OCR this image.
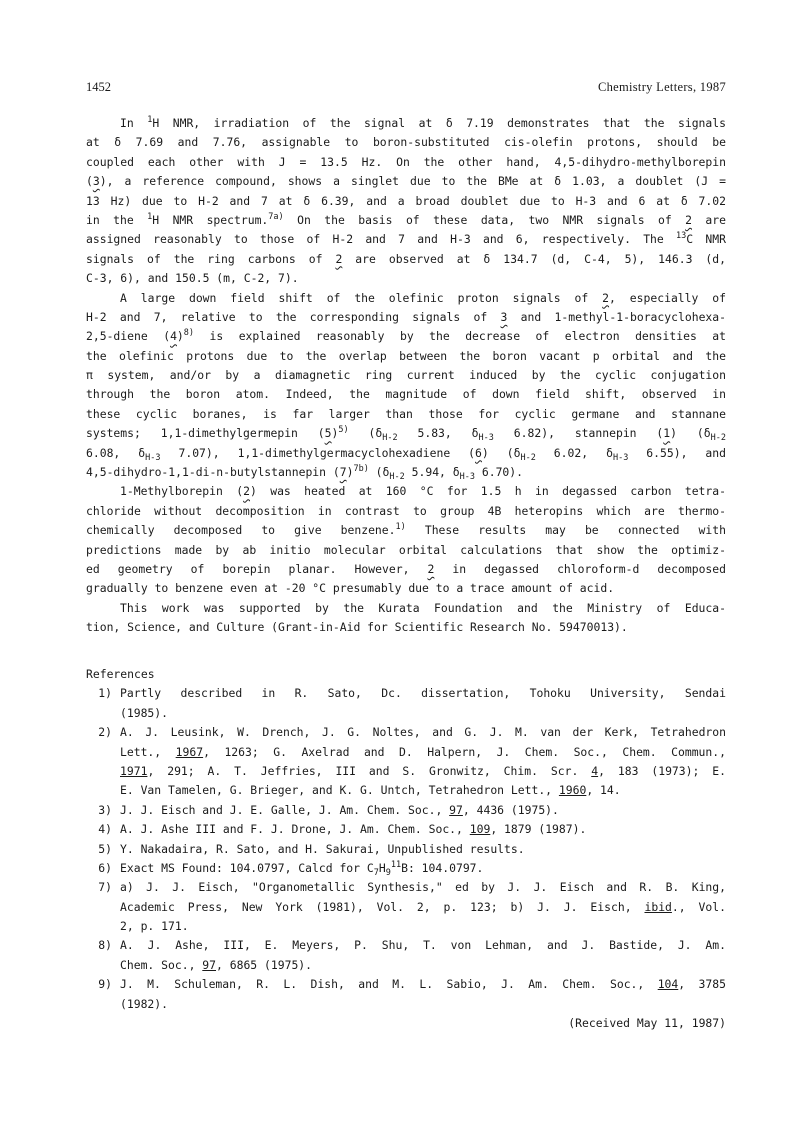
1452	Chemistry Letters, 1987
In $^1$H NMR, irradiation of the signal at δ 7.19 demonstrates that the signals
at δ 7.69 and 7.76, assignable to boron-substituted cis-olefin protons, should be
coupled each other with J = 13.5 Hz. On the other hand, 4,5-dihydro-methylborepin
(3), a reference compound, shows a singlet due to the BMe at δ 1.03, a doublet (J =
13 Hz) due to H-2 and 7 at δ 6.39, and a broad doublet due to H-3 and 6 at δ 7.02
in the $^1$H NMR spectrum.$^{7a)}$ On the basis of these data, two NMR signals of 2 are
assigned reasonably to those of H-2 and 7 and H-3 and 6, respectively. The $^{13}$C NMR
signals of the ring carbons of 2 are observed at δ 134.7 (d, C-4, 5), 146.3 (d,
C-3, 6), and 150.5 (m, C-2, 7).
A large down field shift of the olefinic proton signals of 2, especially of
H-2 and 7, relative to the corresponding signals of 3 and 1-methyl-1-boracyclohexa-
2,5-diene $(4)^{8)}$ is explained reasonably by the decrease of electron densities at
the olefinic protons due to the overlap between the boron vacant p orbital and the
π system, and/or by a diamagnetic ring current induced by the cyclic conjugation
through the boron atom. Indeed, the magnitude of down field shift, observed in
these cyclic boranes, is far larger than those for cyclic germane and stannane
systems; 1,1-dimethylgermepin $(5)^{5)}$ ($\delta_{H-2}$ 5.83, $\delta_{H-3}$ 6.82), stannepin (1) ($\delta_{H-2}$
6.08, $\delta_{H-3}$ 7.07), 1,1-dimethylgermacyclohexadiene (6) ($\delta_{H-2}$ 6.02, $\delta_{H-3}$ 6.55), and
4,5-dihydro-1,1-di-n-butylstannepin $(7)^{7b)}$ ($\delta_{H-2}$ 5.94, $\delta_{H-3}$ 6.70).
1-Methylborepin (2) was heated at 160 °C for 1.5 h in degassed carbon tetra-
chloride without decomposition in contrast to group 4B heteropins which are thermo-
chemically decomposed to give benzene.$^{1)}$ These results may be connected with
predictions made by ab initio molecular orbital calculations that show the optimiz-
ed geometry of borepin planar. However, 2 in degassed chloroform-d decomposed
gradually to benzene even at -20 °C presumably due to a trace amount of acid.
This work was supported by the Kurata Foundation and the Ministry of Educa-
tion, Science, and Culture (Grant-in-Aid for Scientific Research No. 59470013).
References
1) Partly described in R. Sato, Dc. dissertation, Tohoku University, Sendai
(1985).
2) A. J. Leusink, W. Drench, J. G. Noltes, and G. J. M. van der Kerk, Tetrahedron
Lett., 1967, 1263; G. Axelrad and D. Halpern, J. Chem. Soc., Chem. Commun.,
1971, 291; A. T. Jeffries, III and S. Gronwitz, Chim. Scr. 4, 183 (1973); E.
E. Van Tamelen, G. Brieger, and K. G. Untch, Tetrahedron Lett., 1960, 14.
3) J. J. Eisch and J. E. Galle, J. Am. Chem. Soc., 97, 4436 (1975).
4) A. J. Ashe III and F. J. Drone, J. Am. Chem. Soc., 109, 1879 (1987).
5) Y. Nakadaira, R. Sato, and H. Sakurai, Unpublished results.
6) Exact MS Found: 104.0797, Calcd for $C_7H_9^{11}B$: 104.0797.
7) a) J. J. Eisch, "Organometallic Synthesis," ed by J. J. Eisch and R. B. King,
Academic Press, New York (1981), Vol. 2, p. 123; b) J. J. Eisch, ibid., Vol.
2, p. 171.
8) A. J. Ashe, III, E. Meyers, P. Shu, T. von Lehman, and J. Bastide, J. Am.
Chem. Soc., 97, 6865 (1975).
9) J. M. Schuleman, R. L. Dish, and M. L. Sabio, J. Am. Chem. Soc., 104, 3785
(1982).
(Received May 11, 1987)
